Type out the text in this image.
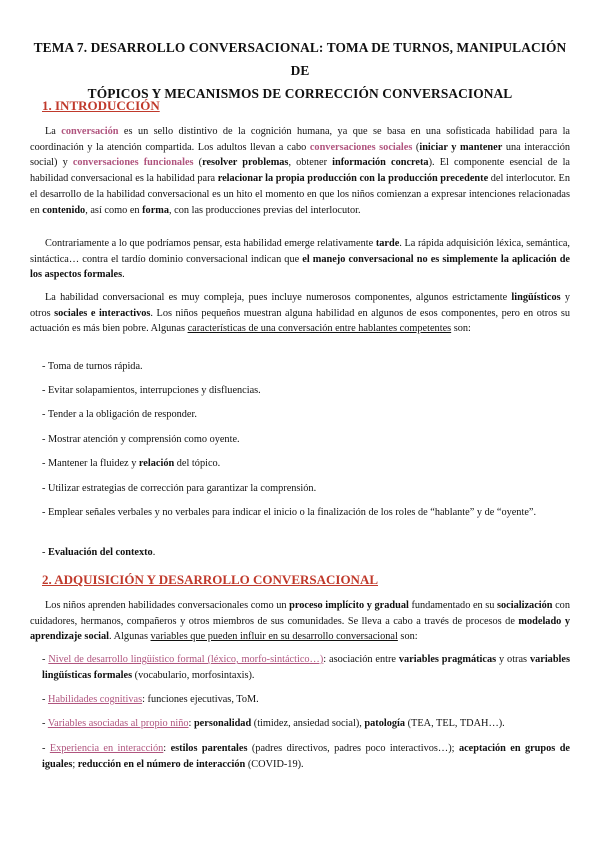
TEMA 7. DESARROLLO CONVERSACIONAL: TOMA DE TURNOS, MANIPULACIÓN DE
TÓPICOS Y MECANISMOS DE CORRECCIÓN CONVERSACIONAL
1. INTRODUCCIÓN

La conversación es un sello distintivo de la cognición humana, ya que se basa en una sofisticada habilidad para la coordinación y la atención compartida. Los adultos llevan a cabo conversaciones sociales (iniciar y mantener una interacción social) y conversaciones funcionales (resolver problemas, obtener información concreta). El componente esencial de la habilidad conversacional es la habilidad para relacionar la propia producción con la producción precedente del interlocutor. En el desarrollo de la habilidad conversacional es un hito el momento en que los niños comienzan a expresar intenciones relacionadas en contenido, así como en forma, con las producciones previas del interlocutor.

Contrariamente a lo que podríamos pensar, esta habilidad emerge relativamente tarde. La rápida adquisición léxica, semántica, sintáctica… contra el tardío dominio conversacional indican que el manejo conversacional no es simplemente la aplicación de los aspectos formales.

La habilidad conversacional es muy compleja, pues incluye numerosos componentes, algunos estrictamente lingüísticos y otros sociales e interactivos. Los niños pequeños muestran alguna habilidad en algunos de esos componentes, pero en otros su actuación es más bien pobre. Algunas características de una conversación entre hablantes competentes son:

- Toma de turnos rápida.
- Evitar solapamientos, interrupciones y disfluencias.
- Tender a la obligación de responder.
- Mostrar atención y comprensión como oyente.
- Mantener la fluidez y relación del tópico.
- Utilizar estrategias de corrección para garantizar la comprensión.
- Emplear señales verbales y no verbales para indicar el inicio o la finalización de los roles de “hablante” y de “oyente”.
- Evaluación del contexto.
2. ADQUISICIÓN Y DESARROLLO CONVERSACIONAL

Los niños aprenden habilidades conversacionales como un proceso implícito y gradual fundamentado en su socialización con cuidadores, hermanos, compañeros y otros miembros de sus comunidades. Se lleva a cabo a través de procesos de modelado y aprendizaje social. Algunas variables que pueden influir en su desarrollo conversacional son:

- Nivel de desarrollo lingüístico formal (léxico, morfo-sintáctico…): asociación entre variables pragmáticas y otras variables lingüísticas formales (vocabulario, morfosintaxis).

- Habilidades cognitivas: funciones ejecutivas, ToM.

- Variables asociadas al propio niño: personalidad (timidez, ansiedad social), patología (TEA, TEL, TDAH…).

- Experiencia en interacción: estilos parentales (padres directivos, padres poco interactivos…); aceptación en grupos de iguales; reducción en el número de interacción (COVID-19).
